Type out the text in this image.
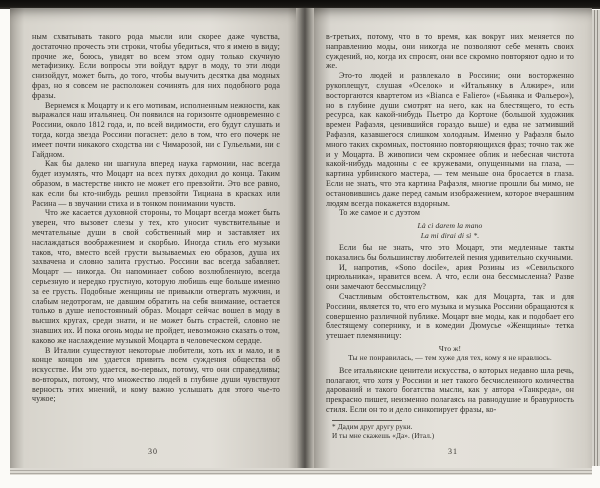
ным схватывать такого рода мысли или скорее даже чувства, достаточно прочесть эти строки, чтобы убедиться, что я имею в виду; прочие же, боюсь, увидят во всем этом одну только скучную метафизику. Если вопросы эти войдут вдруг в моду, то эти люди снизойдут, может быть, до того, чтобы выучить десятка два модных фраз, но я совсем не расположен сочинять для них подобного рода фразы.

Вернемся к Моцарту и к его мотивам, исполненным нежности, как выражался наш итальянец. Он появился на горизонте одновременно с Россини, около 1812 года, и, по всей видимости, его будут слушать и тогда, когда звезда Россини погаснет: дело в том, что его почерк не имеет почти никакого сходства ни с Чимарозой, ни с Гульельми, ни с Гайдном.

Как бы далеко ни шагнула вперед наука гармонии, нас всегда будет изумлять, что Моцарт на всех путях доходил до конца. Таким образом, в мастерстве никто не может его превзойти. Это все равно, как если бы кто-нибудь решил превзойти Тициана в красках или Расина — в звучании стиха и в тонком понимании чувств.

Что же касается духовной стороны, то Моцарт всегда может быть уверен, что вызовет слезы у тех, кто уносит чувствительные и мечтательные души в свой собственный мир и заставляет их наслаждаться воображением и скорбью. Иногда стиль его музыки таков, что, вместо всей грусти вызываемых ею образов, душа их захвачена и словно залита грустью. Россини вас всегда забавляет. Моцарт — никогда. Он напоминает собою возлюбленную, всегда серьезную и нередко грустную, которую любишь еще больше именно за ее грусть. Подобные женщины не привыкли отвергать мужчин, и слабым недотрогам, не давшим обратить на себя внимание, остается только в душе непостоянный образ. Моцарт сейчас вошел в моду в высших кругах, среди знати, и не может быть страстей, словно не знавших их. И пока огонь моды не пройдет, невозможно сказать о том, каково же наслаждение музыкой Моцарта в человеческом сердце.

В Италии существуют некоторые любители, хоть их и мало, и в конце концов им удается привить всем суждения общества об искусстве. Им это удается, во-первых, потому, что они справедливы; во-вторых, потому, что множество людей в глубине души чувствуют верность этих мнений, и кому важно услышать для этого чье-то чужое;

30

в-третьих, потому, что в то время, как вокруг них меняется по направлению моды, они никогда не позволяют себе менять своих суждений, но, когда их спросят, они все скромно повторяют одно и то же.

Это-то людей и развлекало в Россини; они восторженно рукоплещут, слушая «Оселок» и «Итальянку в Алжире», или восторгаются квартетом из «Bianca e Faliero» («Бьянка и Фальеро»), но в глубине души смотрят на него, как на блестящего, то есть ресурса, как какой-нибудь Пьетро да Кортоне (большой художник времен Рафаэля, ценившийся гораздо выше) и едва не затмивший Рафаэля, казавшегося слишком холодным. Именно у Рафаэля было много таких скромных, постоянно повторяющихся фраз; точно так же и у Моцарта. В живописи чем скромнее облик и небесная чистота какой-нибудь мадонны с ее кружевами, опущенными на глаза, — картина урбинского мастера, — тем меньше она бросается в глаза. Если не знать, что эта картина Рафаэля, многие прошли бы мимо, не остановившись даже перед самым изображением, которое вчерашним людям всегда покажется вздорным.

То же самое и с дуэтом

Là ci darem la mano
La mi dirai di sì *.

Если бы не знать, что это Моцарт, эти медленные такты показались бы большинству любителей пения удивительно скучными.

И, напротив, «Sono docile», ария Розины из «Севильского цирюльника», нравится всем. А что, если она бессмысленна? Разве они замечают бессмыслицу?

Счастливым обстоятельством, как для Моцарта, так и для Россини, является то, что его музыка и музыка Россини обращаются к совершенно различной публике. Моцарт вне моды, как и подобает его блестящему сопернику, и в комедии Дюмусье «Женщины» тетка утешает племянницу:

Что ж!
Ты не понравилась, — тем хуже для тех, кому я не нравлюсь.

Все итальянские ценители искусства, о которых недавно шла речь, полагают, что хотя у Россини и нет такого бесчисленного количества дарований и такого богатства мысли, как у автора «Танкреда», он прекрасно пишет, неизменно полагаясь на равнодушие и бравурность стиля. Если он то и дело синкопирует фразы, ко-

* Дадим друг другу руки.
И ты мне скажешь «Да». (Итал.)
31
